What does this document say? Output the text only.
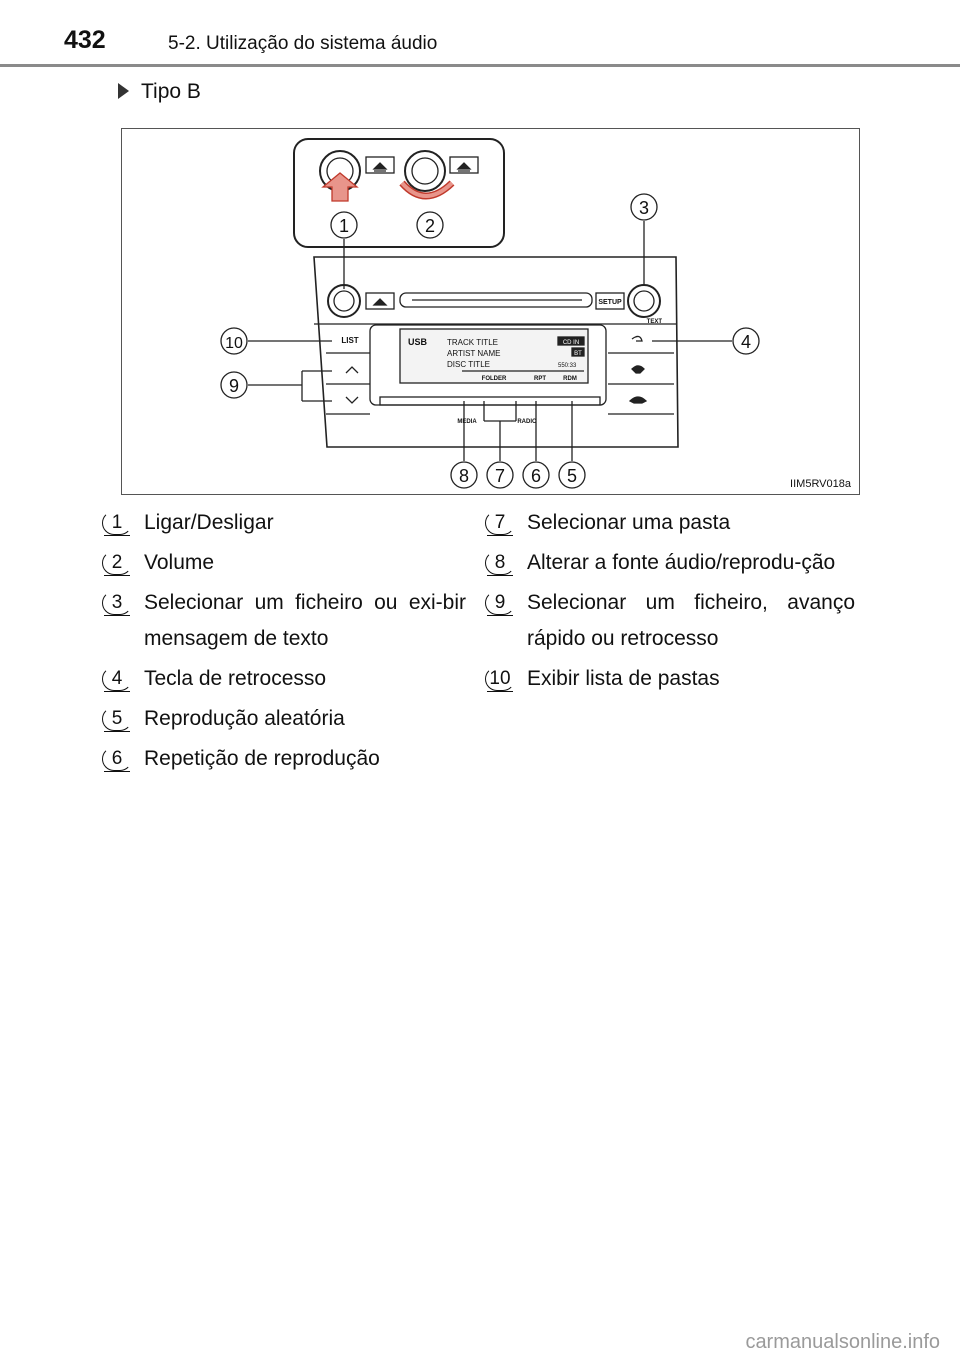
432	5-2. Utilização do sistema áudio
Tipo B
1	2
SETUP
TEXT
LIST	USB TRACK TITLE
ARTIST NAME
DISC TITLE
CD IN
BT
550:33
FOLDER	RPT	RDM
MEDIA	RADIO
3
4
10
9
8 7 6 5	IIM5RV018a
1	Ligar/Desligar
2	Volume
3	Selecionar um ficheiro ou exi-bir mensagem de texto
4	Tecla de retrocesso
5	Reprodução aleatória
6	Repetição de reprodução
7	Selecionar uma pasta
8	Alterar a fonte áudio/reprodu-ção
9	Selecionar um ficheiro, avanço rápido ou retrocesso
10 Exibir lista de pastas
carmanualsonline.info
